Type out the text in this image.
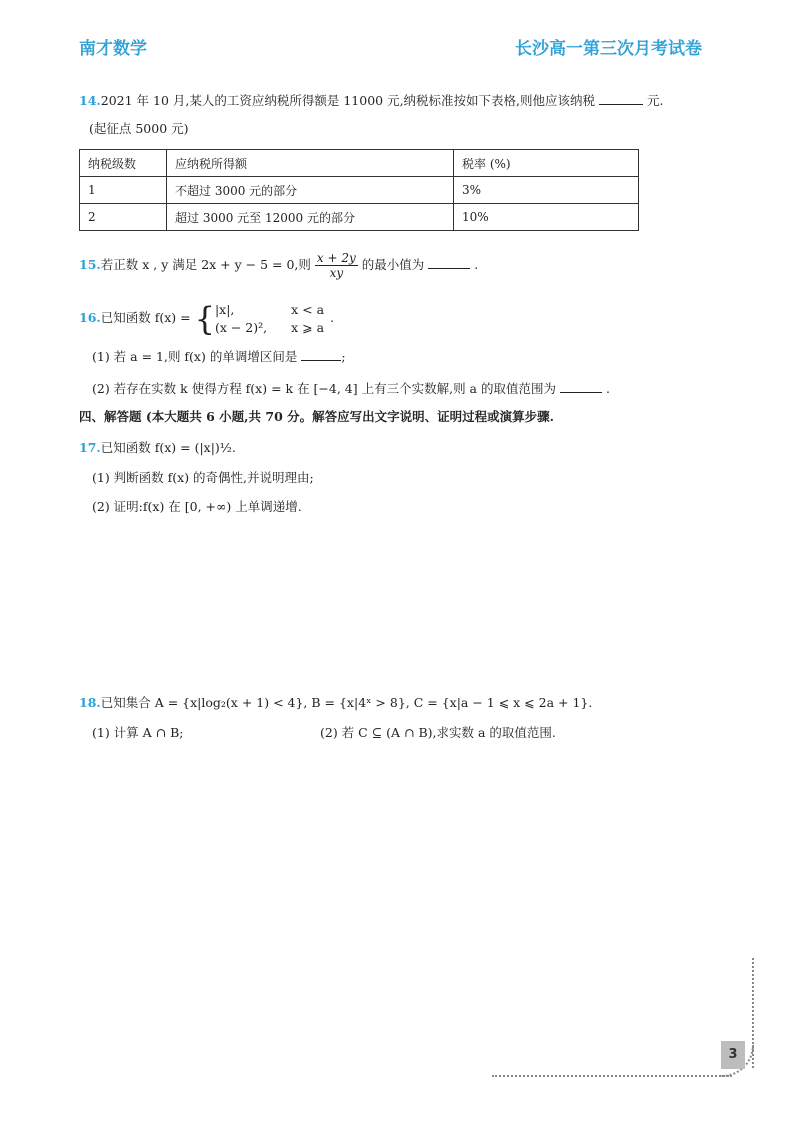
南才数学	长沙高一第三次月考试卷
14.2021 年 10 月,某人的工资应纳税所得额是 11000 元,纳税标准按如下表格,则他应该纳税	元.
(起征点 5000 元)
纳税级数	应纳税所得额	税率 (%)
1	不超过 3000 元的部分	3%
2	超过 3000 元至 12000 元的部分	10%
15.若正数 x , y 满足 2x + y − 5 = 0,则 $\frac{x + 2y}{xy}$ 的最小值为	.
16.已知函数 f(x) = { |x|,	x < a
(x − 2)²,	x ⩾ a.
(1) 若 a = 1,则 f(x) 的单调增区间是	;
(2) 若存在实数 k 使得方程 f(x) = k 在 [−4, 4] 上有三个实数解,则 a 的取值范围为	.
四、解答题 (本大题共 6 小题,共 70 分。解答应写出文字说明、证明过程或演算步骤.
17.已知函数 f(x) = (|x|)½.
(1) 判断函数 f(x) 的奇偶性,并说明理由;
(2) 证明:f(x) 在 [0, +∞) 上单调递增.
18.已知集合 A = {x|log₂(x + 1) < 4}, B = {x|4ˣ > 8}, C = {x|a − 1 ⩽ x ⩽ 2a + 1}.
(1) 计算 A ∩ B;	(2) 若 C ⊆ (A ∩ B),求实数 a 的取值范围.
3
